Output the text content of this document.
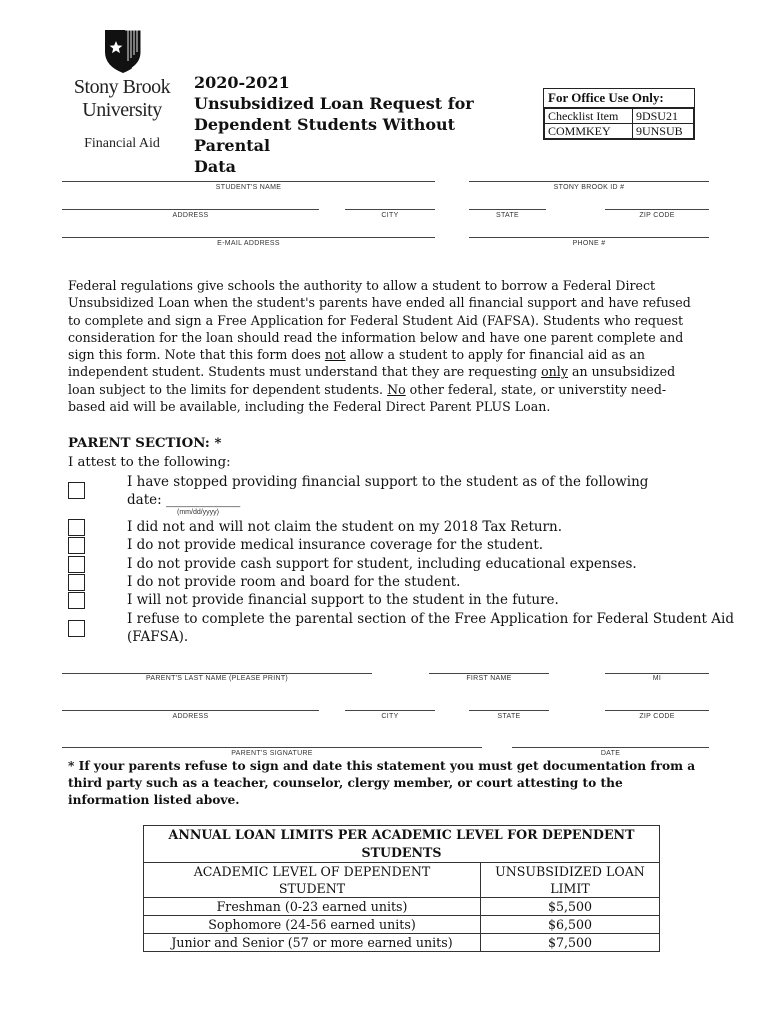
Stony Brook
University
Financial Aid
2020-2021
Unsubsidized Loan Request for
Dependent Students Without Parental
Data
For Office Use Only:
Checklist Item	9DSU21
COMMKEY	9UNSUB
STUDENT'S NAME	STONY BROOK ID #
ADDRESS	CITY	STATE	ZIP CODE
E-MAIL ADDRESS	PHONE #
Federal regulations give schools the authority to allow a student to borrow a Federal Direct Unsubsidized Loan when the student's parents have ended all financial support and have refused to complete and sign a Free Application for Federal Student Aid (FAFSA). Students who request consideration for the loan should read the information below and have one parent complete and sign this form. Note that this form does not allow a student to apply for financial aid as an independent student. Students must understand that they are requesting only an unsubsidized loan subject to the limits for dependent students. No other federal, state, or universtity need-based aid will be available, including the Federal Direct Parent PLUS Loan.
PARENT SECTION: *
I attest to the following:
I have stopped providing financial support to the student as of the following
date: ___________
(mm/dd/yyyy)
I did not and will not claim the student on my 2018 Tax Return.
I do not provide medical insurance coverage for the student.
I do not provide cash support for student, including educational expenses.
I do not provide room and board for the student.
I will not provide financial support to the student in the future.
I refuse to complete the parental section of the Free Application for Federal Student Aid
(FAFSA).
PARENT'S LAST NAME (PLEASE PRINT)	FIRST NAME	MI
ADDRESS	CITY	STATE	ZIP CODE
PARENT'S SIGNATURE	DATE
* If your parents refuse to sign and date this statement you must get documentation from a third party such as a teacher, counselor, clergy member, or court attesting to the information listed above.
ANNUAL LOAN LIMITS PER ACADEMIC LEVEL FOR DEPENDENT STUDENTS	
ACADEMIC LEVEL OF DEPENDENT STUDENT	UNSUBSIDIZED LOAN LIMIT
Freshman (0-23 earned units)	$5,500
Sophomore (24-56 earned units)	$6,500
Junior and Senior (57 or more earned units)	$7,500
